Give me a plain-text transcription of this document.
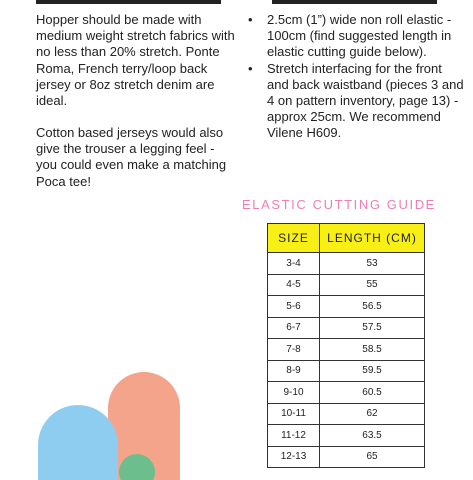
Hopper should be made with medium weight stretch fabrics with no less than 20% stretch. Ponte Roma, French terry/loop back jersey or 8oz stretch denim are ideal.

Cotton based jerseys would also give the trouser a legging feel - you could even make a matching Poca tee!

• 2.5cm (1”) wide non roll elastic - 100cm (find suggested length in elastic cutting guide below).
• Stretch interfacing for the front and back waistband (pieces 3 and 4 on pattern inventory, page 13) - approx 25cm. We recommend Vilene H609.
ELASTIC CUTTING GUIDE
SIZE	LENGTH (CM)
3-4	53
4-5	55
5-6	56.5
6-7	57.5
7-8	58.5
8-9	59.5
9-10	60.5
10-11	62
11-12	63.5
12-13	65
